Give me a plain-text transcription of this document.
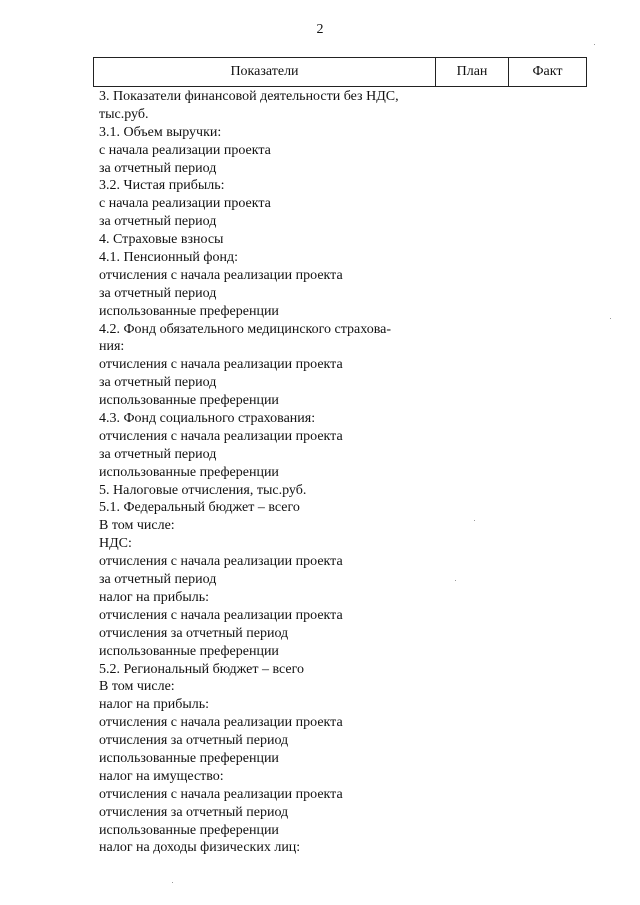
2
Показатели	План	Факт
3. Показатели финансовой деятельности без НДС,
тыс.руб.
3.1. Объем выручки:
с начала реализации проекта
за отчетный период
3.2. Чистая прибыль:
с начала реализации проекта
за отчетный период
4. Страховые взносы
4.1. Пенсионный фонд:
отчисления с начала реализации проекта
за отчетный период
использованные преференции
4.2. Фонд обязательного медицинского страхова-
ния:
отчисления с начала реализации проекта
за отчетный период
использованные преференции
4.3. Фонд социального страхования:
отчисления с начала реализации проекта
за отчетный период
использованные преференции
5. Налоговые отчисления, тыс.руб.
5.1. Федеральный бюджет – всего
В том числе:
НДС:
отчисления с начала реализации проекта
за отчетный период
налог на прибыль:
отчисления с начала реализации проекта
отчисления за отчетный период
использованные преференции
5.2. Региональный бюджет – всего
В том числе:
налог на прибыль:
отчисления с начала реализации проекта
отчисления за отчетный период
использованные преференции
налог на имущество:
отчисления с начала реализации проекта
отчисления за отчетный период
использованные преференции
налог на доходы физических лиц:
